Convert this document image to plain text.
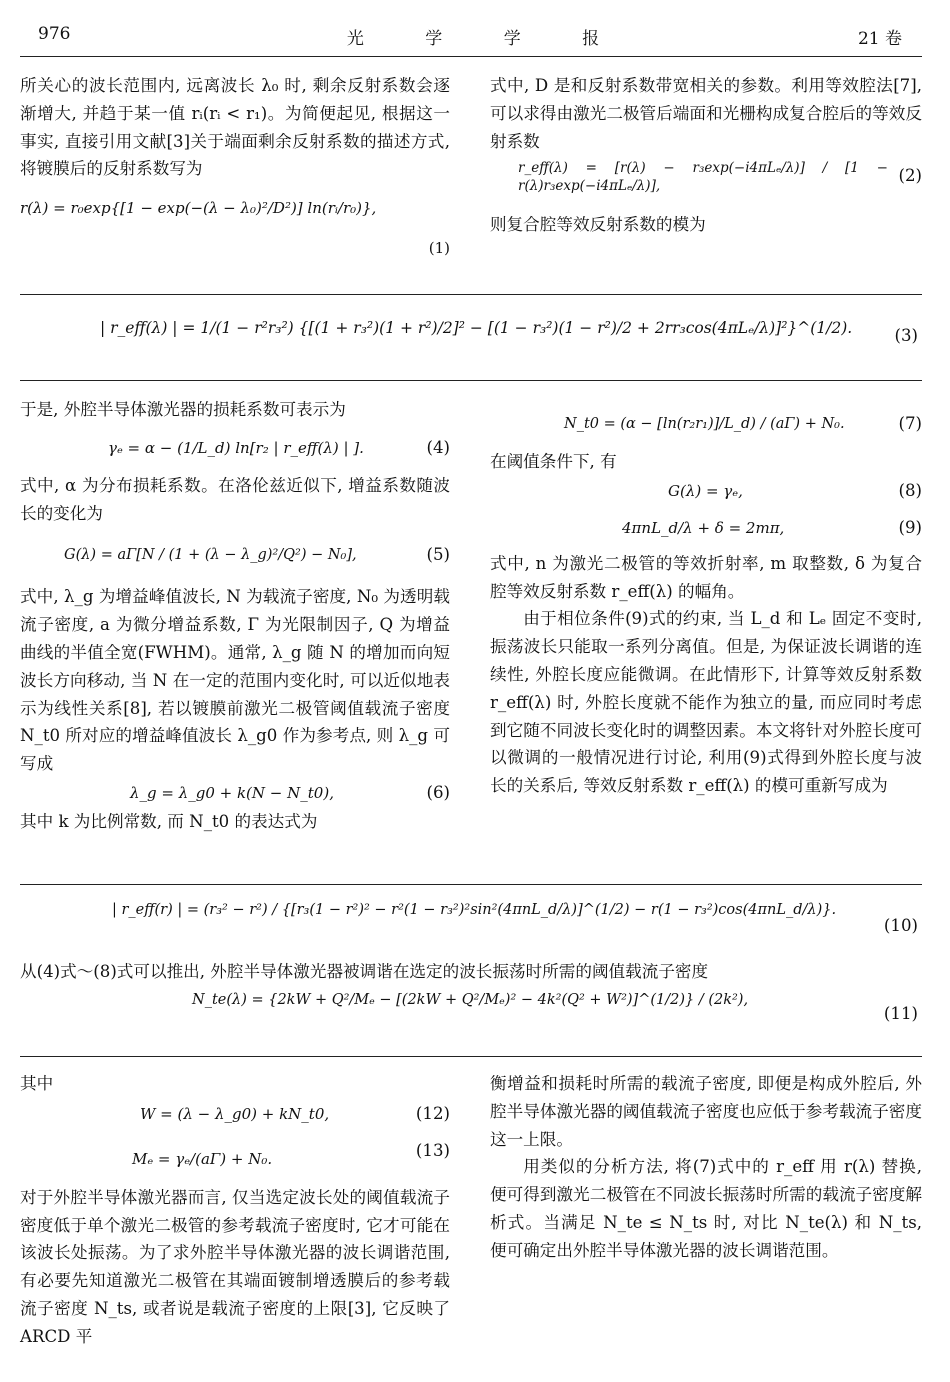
976	光 学 学 报	21 卷

所关心的波长范围内, 远离波长 λ₀ 时, 剩余反射系数会逐渐增大, 并趋于某一值 rᵢ(rᵢ < r₁)。为简便起见, 根据这一事实, 直接引用文献[3]关于端面剩余反射系数的描述方式, 将镀膜后的反射系数写为

r(λ) = r₀exp{[1 − exp(−(λ − λ₀)²/D²)] ln(rᵢ/r₀)},
(1)

式中, D 是和反射系数带宽相关的参数。利用等效腔法[7], 可以求得由激光二极管后端面和光栅构成复合腔后的等效反射系数

r_eff(λ) = [r(λ) − r₃exp(−i4πLₑ/λ)] / [1 − r(λ)r₃exp(−i4πLₑ/λ)],
(2)

则复合腔等效反射系数的模为

| r_eff(λ) | = 1/(1 − r²r₃²) {[(1 + r₃²)(1 + r²)/2]² − [(1 − r₃²)(1 − r²)/2 + 2rr₃cos(4πLₑ/λ)]²}^(1/2).	(3)

于是, 外腔半导体激光器的损耗系数可表示为

γₑ = α − (1/L_d) ln[r₂ | r_eff(λ) | ].	(4)

式中, α 为分布损耗系数。在洛伦兹近似下, 增益系数随波长的变化为

G(λ) = aΓ[N / (1 + (λ − λ_g)²/Q²) − N₀],	(5)

式中, λ_g 为增益峰值波长, N 为载流子密度, N₀ 为透明载流子密度, a 为微分增益系数, Γ 为光限制因子, Q 为增益曲线的半值全宽(FWHM)。通常, λ_g 随 N 的增加而向短波长方向移动, 当 N 在一定的范围内变化时, 可以近似地表示为线性关系[8], 若以镀膜前激光二极管阈值载流子密度 N_t0 所对应的增益峰值波长 λ_g0 作为参考点, 则 λ_g 可写成

λ_g = λ_g0 + k(N − N_t0),	(6)

其中 k 为比例常数, 而 N_t0 的表达式为

N_t0 = (α − [ln(r₂r₁)]/L_d) / (aΓ) + N₀.	(7)

在阈值条件下, 有

G(λ) = γₑ,	(8)
4πnL_d/λ + δ = 2mπ,	(9)

式中, n 为激光二极管的等效折射率, m 取整数, δ 为复合腔等效反射系数 r_eff(λ) 的幅角。

由于相位条件(9)式的约束, 当 L_d 和 Lₑ 固定不变时, 振荡波长只能取一系列分离值。但是, 为保证波长调谐的连续性, 外腔长度应能微调。在此情形下, 计算等效反射系数 r_eff(λ) 时, 外腔长度就不能作为独立的量, 而应同时考虑到它随不同波长变化时的调整因素。本文将针对外腔长度可以微调的一般情况进行讨论, 利用(9)式得到外腔长度与波长的关系后, 等效反射系数 r_eff(λ) 的模可重新写成为

| r_eff(r) | = (r₃² − r²) / {[r₃(1 − r²)² − r²(1 − r₃²)²sin²(4πnL_d/λ)]^(1/2) − r(1 − r₃²)cos(4πnL_d/λ)}.
(10)

从(4)式～(8)式可以推出, 外腔半导体激光器被调谐在选定的波长振荡时所需的阈值载流子密度

N_te(λ) = {2kW + Q²/Mₑ − [(2kW + Q²/Mₑ)² − 4k²(Q² + W²)]^(1/2)} / (2k²),
(11)

其中

W = (λ − λ_g0) + kN_t0,	(12)
Mₑ = γₑ/(aΓ) + N₀.	(13)

对于外腔半导体激光器而言, 仅当选定波长处的阈值载流子密度低于单个激光二极管的参考载流子密度时, 它才可能在该波长处振荡。为了求外腔半导体激光器的波长调谐范围, 有必要先知道激光二极管在其端面镀制增透膜后的参考载流子密度 N_ts, 或者说是载流子密度的上限[3], 它反映了 ARCD 平

衡增益和损耗时所需的载流子密度, 即便是构成外腔后, 外腔半导体激光器的阈值载流子密度也应低于参考载流子密度这一上限。

用类似的分析方法, 将(7)式中的 r_eff 用 r(λ) 替换, 便可得到激光二极管在不同波长振荡时所需的载流子密度解析式。当满足 N_te ≤ N_ts 时, 对比 N_te(λ) 和 N_ts, 便可确定出外腔半导体激光器的波长调谐范围。
